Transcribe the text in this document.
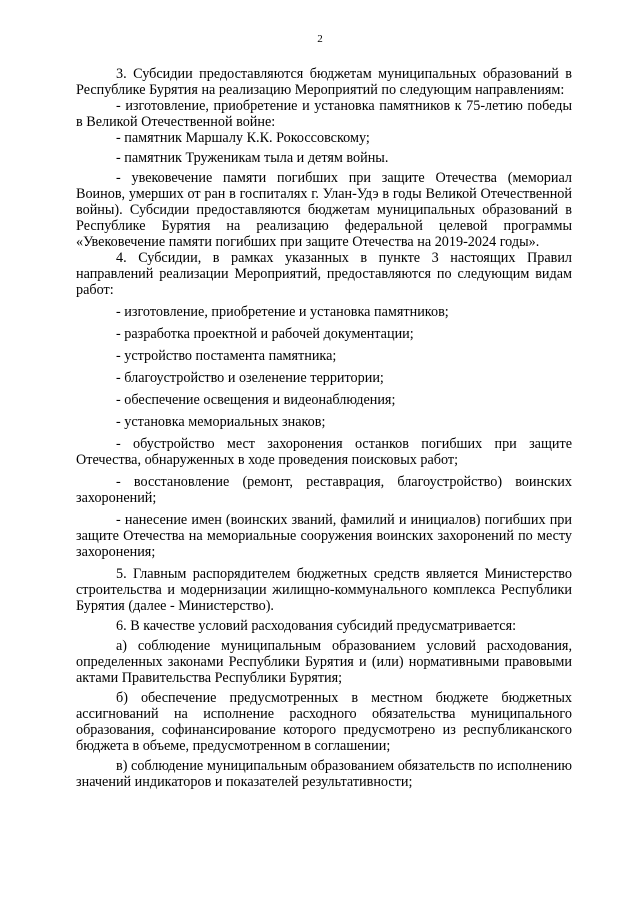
2

3. Субсидии предоставляются бюджетам муниципальных образований в Республике Бурятия на реализацию Мероприятий по следующим направлениям:

- изготовление, приобретение и установка памятников к 75-летию победы в Великой Отечественной войне:

- памятник Маршалу К.К. Рокоссовскому;

- памятник Труженикам тыла и детям войны.

- увековечение памяти погибших при защите Отечества (мемориал Воинов, умерших от ран в госпиталях г. Улан-Удэ в годы Великой Отечественной войны). Субсидии предоставляются бюджетам муниципальных образований в Республике Бурятия на реализацию федеральной целевой программы «Увековечение памяти погибших при защите Отечества на 2019-2024 годы».

4. Субсидии, в рамках указанных в пункте 3 настоящих Правил направлений реализации Мероприятий, предоставляются по следующим видам работ:

- изготовление, приобретение и установка памятников;

- разработка проектной и рабочей документации;

- устройство постамента памятника;

- благоустройство и озеленение территории;

- обеспечение освещения и видеонаблюдения;

- установка мемориальных знаков;

- обустройство мест захоронения останков погибших при защите Отечества, обнаруженных в ходе проведения поисковых работ;

- восстановление (ремонт, реставрация, благоустройство) воинских захоронений;

- нанесение имен (воинских званий, фамилий и инициалов) погибших при защите Отечества на мемориальные сооружения воинских захоронений по месту захоронения;

5. Главным распорядителем бюджетных средств является Министерство строительства и модернизации жилищно-коммунального комплекса Республики Бурятия (далее - Министерство).

6. В качестве условий расходования субсидий предусматривается:

а) соблюдение муниципальным образованием условий расходования, определенных законами Республики Бурятия и (или) нормативными правовыми актами Правительства Республики Бурятия;

б) обеспечение предусмотренных в местном бюджете бюджетных ассигнований на исполнение расходного обязательства муниципального образования, софинансирование которого предусмотрено из республиканского бюджета в объеме, предусмотренном в соглашении;

в) соблюдение муниципальным образованием обязательств по исполнению значений индикаторов и показателей результативности;
